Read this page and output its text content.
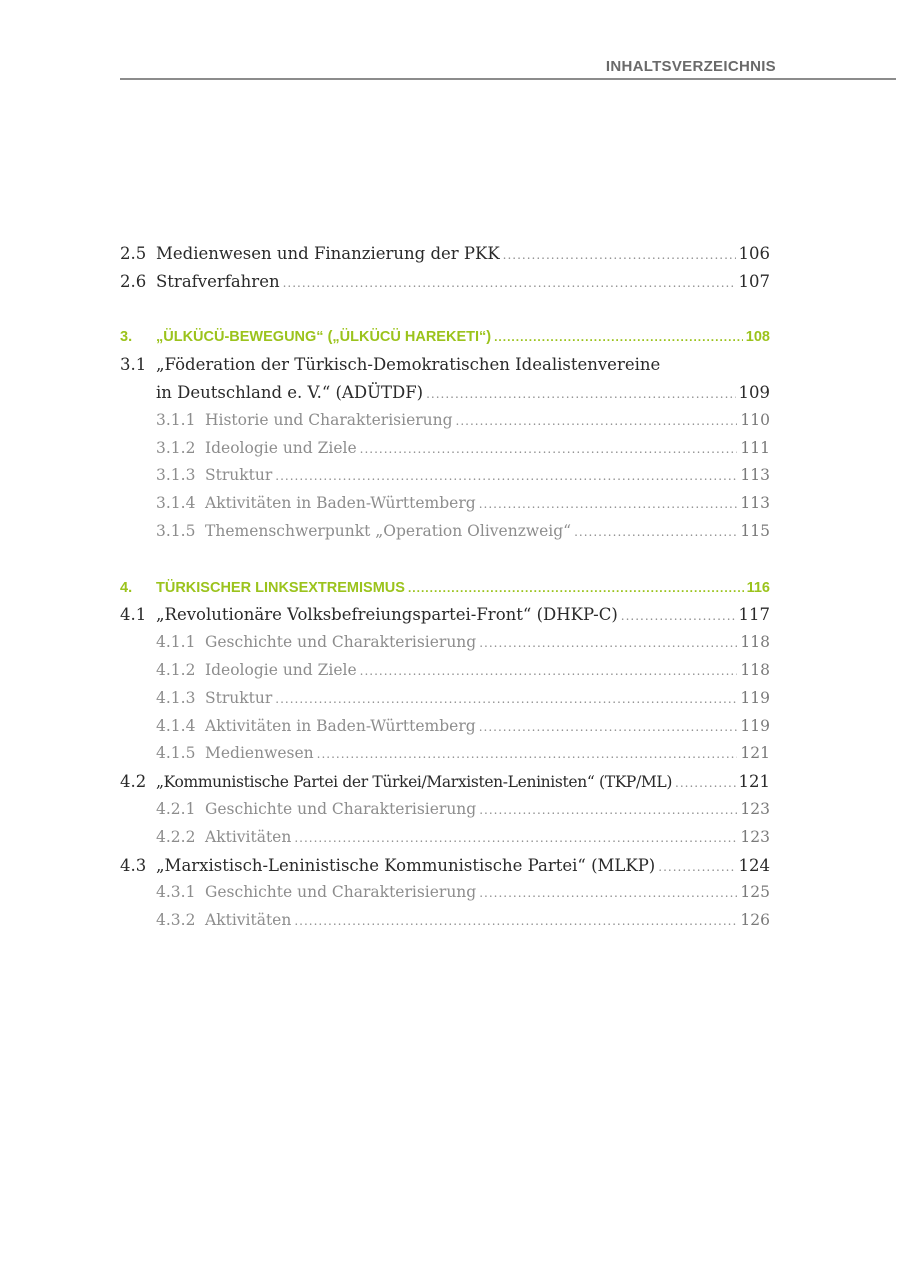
INHALTSVERZEICHNIS
2.5 Medienwesen und Finanzierung der PKK .....	106
2.6 Strafverfahren .....	107
3. „ÜLKÜCÜ-BEWEGUNG“ („ÜLKÜCÜ HAREKETI“) .....	108
3.1 „Föderation der Türkisch-Demokratischen Idealistenvereine
in Deutschland e. V.“ (ADÜTDF) .....	109
3.1.1 Historie und Charakterisierung .....	110
3.1.2 Ideologie und Ziele .....	111
3.1.3 Struktur .....	113
3.1.4 Aktivitäten in Baden-Württemberg .....	113
3.1.5 Themenschwerpunkt „Operation Olivenzweig“ .....	115
4. TÜRKISCHER LINKSEXTREMISMUS .....	116
4.1 „Revolutionäre Volksbefreiungspartei-Front“ (DHKP-C) .....	117
4.1.1 Geschichte und Charakterisierung .....	118
4.1.2 Ideologie und Ziele .....	118
4.1.3 Struktur .....	119
4.1.4 Aktivitäten in Baden-Württemberg .....	119
4.1.5 Medienwesen .....	121
4.2 „Kommunistische Partei der Türkei/Marxisten-Leninisten“ (TKP/ML) .....	121
4.2.1 Geschichte und Charakterisierung .....	123
4.2.2 Aktivitäten .....	123
4.3 „Marxistisch-Leninistische Kommunistische Partei“ (MLKP) .....	124
4.3.1 Geschichte und Charakterisierung .....	125
4.3.2 Aktivitäten .....	126
